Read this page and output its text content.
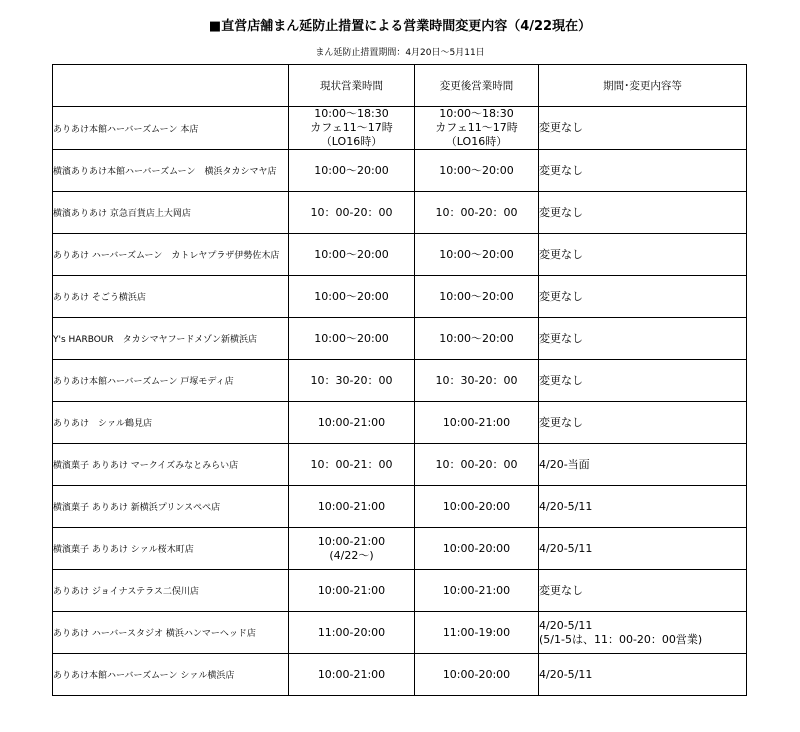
■直営店舗まん延防止措置による営業時間変更内容（4/22現在）
まん延防止措置期間：4月20日～5月11日
	現状営業時間	変更後営業時間	期間･変更内容等
ありあけ本館ハーバーズムーン 本店	10:00～18:30
カフェ11～17時
（LO16時）	10:00～18:30
カフェ11～17時
（LO16時）	変更なし

横濱ありあけ本館ハーバーズムーン　横浜タカシマヤ店	10:00～20:00	10:00～20:00	変更なし

横濱ありあけ 京急百貨店上大岡店	10：00-20：00	10：00-20：00	変更なし

ありあけ ハーバーズムーン　カトレヤプラザ伊勢佐木店	10:00～20:00	10:00～20:00	変更なし

ありあけ そごう横浜店	10:00～20:00	10:00～20:00	変更なし

Y's HARBOUR　タカシマヤフードメゾン新横浜店	10:00～20:00	10:00～20:00	変更なし

ありあけ本館ハーバーズムーン 戸塚モディ店	10：30-20：00	10：30-20：00	変更なし

ありあけ　シァル鶴見店	10:00-21:00	10:00-21:00	変更なし

横濱菓子 ありあけ マークイズみなとみらい店	10：00-21：00	10：00-20：00	4/20-当面

横濱菓子 ありあけ 新横浜プリンスぺぺ店	10:00-21:00	10:00-20:00	4/20-5/11

横濱菓子 ありあけ シァル桜木町店	10:00-21:00
(4/22～)	10:00-20:00	4/20-5/11

ありあけ ジョイナステラス二俣川店	10:00-21:00	10:00-21:00	変更なし

ありあけ ハーバースタジオ 横浜ハンマーヘッド店	11:00-20:00	11:00-19:00	4/20-5/11
(5/1-5は、11：00-20：00営業)

ありあけ本館ハーバーズムーン シァル横浜店	10:00-21:00	10:00-20:00	4/20-5/11
